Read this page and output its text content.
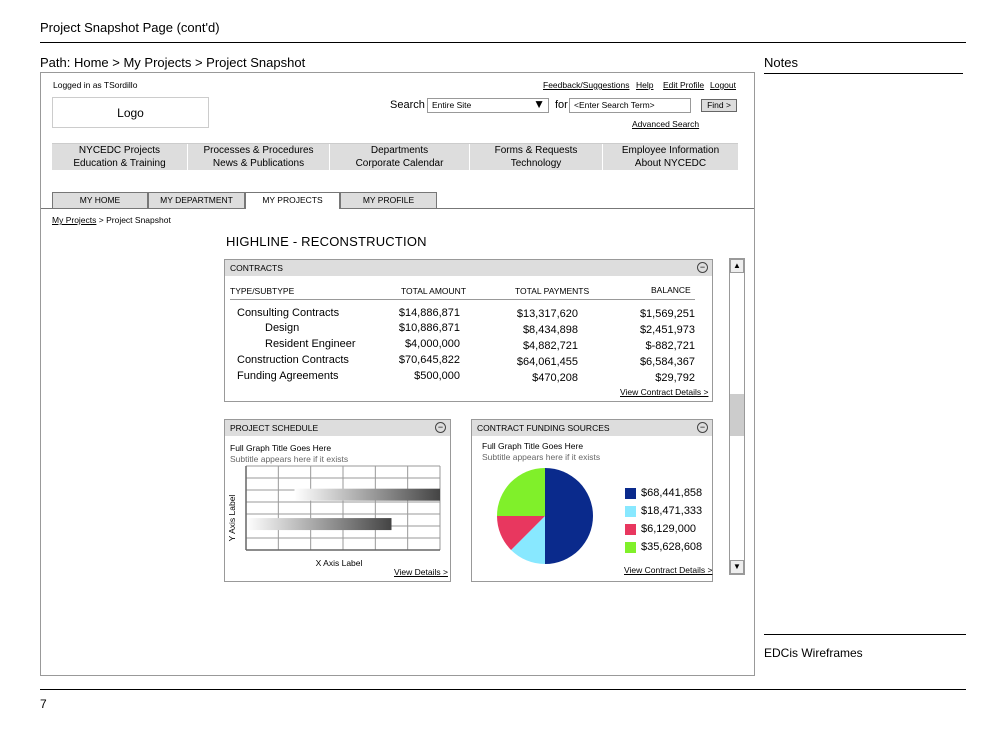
Project Snapshot Page (cont'd)
Path: Home > My Projects > Project Snapshot	Notes
EDCis Wireframes
7
Logged in as TSordillo	Feedback/Suggestions Help Edit Profile Logout
Logo
Search Entire Site	▼ for <Enter Search Term>	Find >
Advanced Search
NYCEDC Projects	Processes & Procedures	Departments	Forms & Requests	Employee Information
Education & Training	News & Publications	Corporate Calendar	Technology	About NYCEDC
MY HOME	MY DEPARTMENT	MY PROJECTS	MY PROFILE
My Projects > Project Snapshot
HIGHLINE - RECONSTRUCTION
CONTRACTS	−
TYPE/SUBTYPE	TOTAL AMOUNT	TOTAL PAYMENTS	BALANCE
Consulting Contracts	$14,886,871	$13,317,620	$1,569,251
Design	$10,886,871	$8,434,898	$2,451,973
Resident Engineer	$4,000,000	$4,882,721	$-882,721
Construction Contracts	$70,645,822	$64,061,455	$6,584,367
Funding Agreements	$500,000	$470,208	$29,792
View Contract Details >
PROJECT SCHEDULE	−
Full Graph Title Goes Here
Subtitle appears here if it exists
Y Axis Label
X Axis Label
View Details >
CONTRACT FUNDING SOURCES	−
Full Graph Title Goes Here
Subtitle appears here if it exists
$68,441,858
$18,471,333
$6,129,000
$35,628,608
View Contract Details >
▲
▼
